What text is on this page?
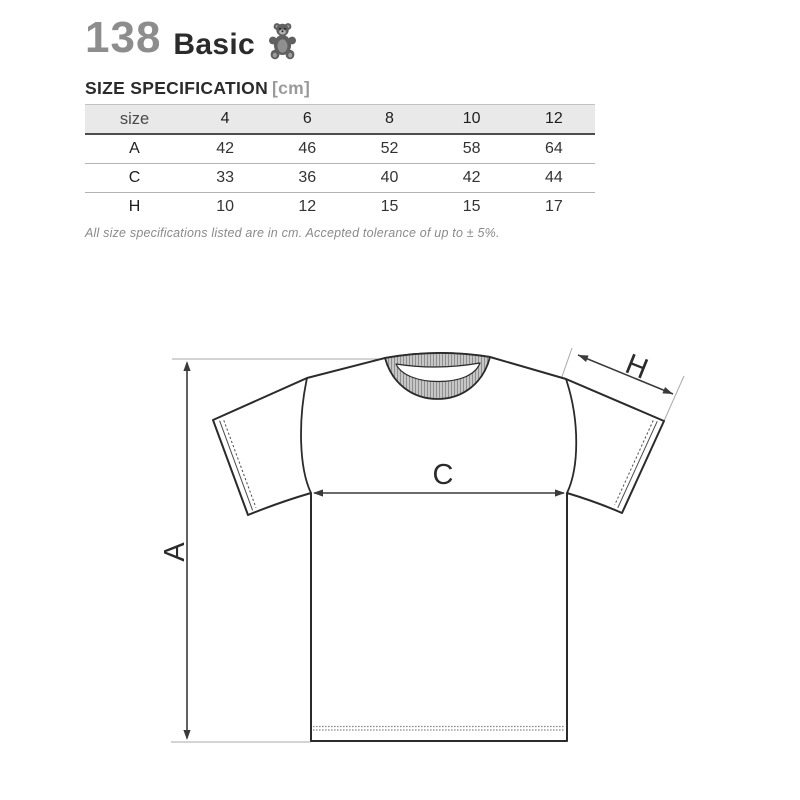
138 Basic
SIZE SPECIFICATION [cm]
size	4	6	8	10	12
A	42	46	52	58	64
C	33	36	40	42	44
H	10	12	15	15	17
All size specifications listed are in cm. Accepted tolerance of up to ± 5%.
A
C
H
